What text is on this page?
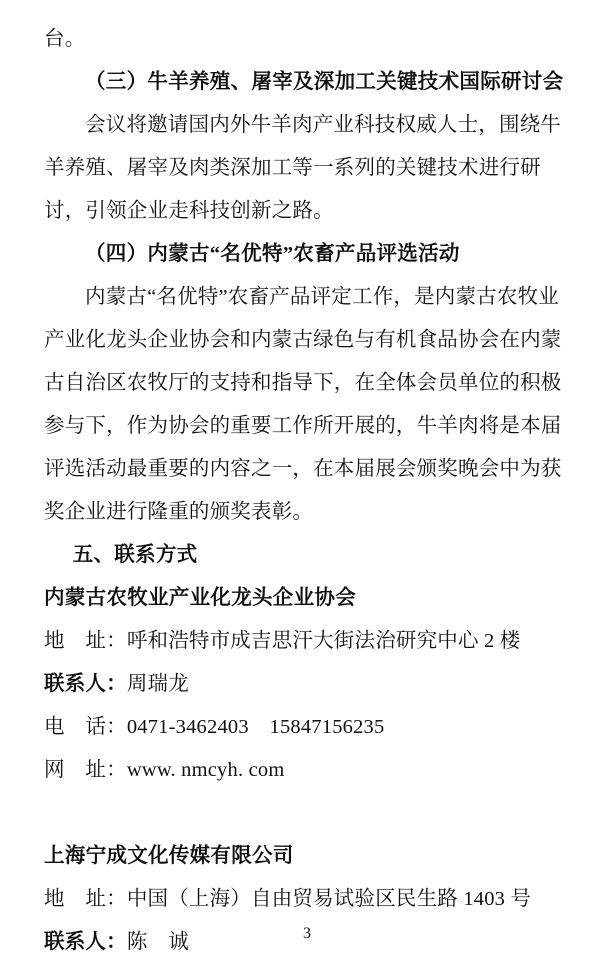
台。

（三）牛羊养殖、屠宰及深加工关键技术国际研讨会

会议将邀请国内外牛羊肉产业科技权威人士，围绕牛羊养殖、屠宰及肉类深加工等一系列的关键技术进行研讨，引领企业走科技创新之路。

（四）内蒙古“名优特”农畜产品评选活动

内蒙古“名优特”农畜产品评定工作，是内蒙古农牧业产业化龙头企业协会和内蒙古绿色与有机食品协会在内蒙古自治区农牧厅的支持和指导下，在全体会员单位的积极参与下，作为协会的重要工作所开展的，牛羊肉将是本届评选活动最重要的内容之一，在本届展会颁奖晚会中为获奖企业进行隆重的颁奖表彰。

五、联系方式

内蒙古农牧业产业化龙头企业协会

地　址：呼和浩特市成吉思汗大街法治研究中心 2 楼

联系人：周瑞龙

电　话：0471-3462403　15847156235

网　址：www. nmcyh. com

上海宁成文化传媒有限公司

地　址：中国（上海）自由贸易试验区民生路 1403 号

联系人：陈　诚	3
